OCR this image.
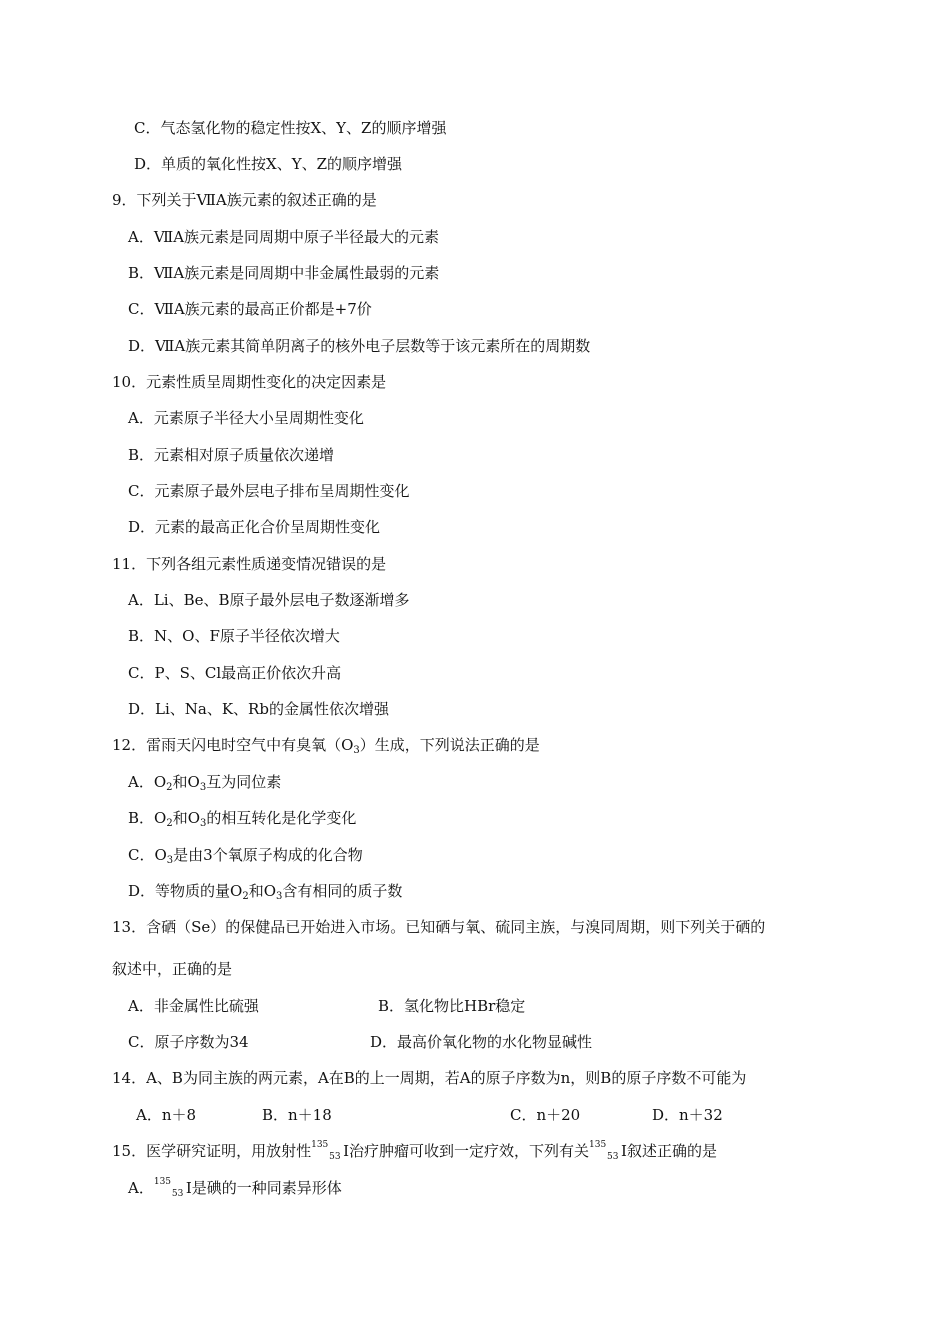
C．气态氢化物的稳定性按X、Y、Z的顺序增强
D．单质的氧化性按X、Y、Z的顺序增强
9．下列关于ⅦA族元素的叙述正确的是
A．ⅦA族元素是同周期中原子半径最大的元素
B．ⅦA族元素是同周期中非金属性最弱的元素
C．ⅦA族元素的最高正价都是+7价
D．ⅦA族元素其简单阴离子的核外电子层数等于该元素所在的周期数
10．元素性质呈周期性变化的决定因素是
A．元素原子半径大小呈周期性变化
B．元素相对原子质量依次递增
C．元素原子最外层电子排布呈周期性变化
D．元素的最高正化合价呈周期性变化
11．下列各组元素性质递变情况错误的是
A．Li、Be、B原子最外层电子数逐渐增多
B．N、O、F原子半径依次增大
C．P、S、Cl最高正价依次升高
D．Li、Na、K、Rb的金属性依次增强
12．雷雨天闪电时空气中有臭氧$(O_3)$生成，下列说法正确的是
A．$O_2$和$O_3$互为同位素
B．$O_2$和$O_3$的相互转化是化学变化
C．$O_3$是由3个氧原子构成的化合物
D．等物质的量$O_2$和$O_3$含有相同的质子数
13．含硒（Se）的保健品已开始进入市场。已知硒与氧、硫同主族，与溴同周期，则下列关于硒的
叙述中，正确的是
A．非金属性比硫强	B．氢化物比HBr稳定
C．原子序数为34	D．最高价氧化物的水化物显碱性
14．A、B为同主族的两元素，A在B的上一周期，若A的原子序数为n，则B的原子序数不可能为
A．n＋8	B．n＋18	C．n＋20	D．n＋32
15．医学研究证明，用放射性 135
53 I治疗肿瘤可收到一定疗效，下列有关 135
53 I叙述正确的是
A． 135
53 I是碘的一种同素异形体
